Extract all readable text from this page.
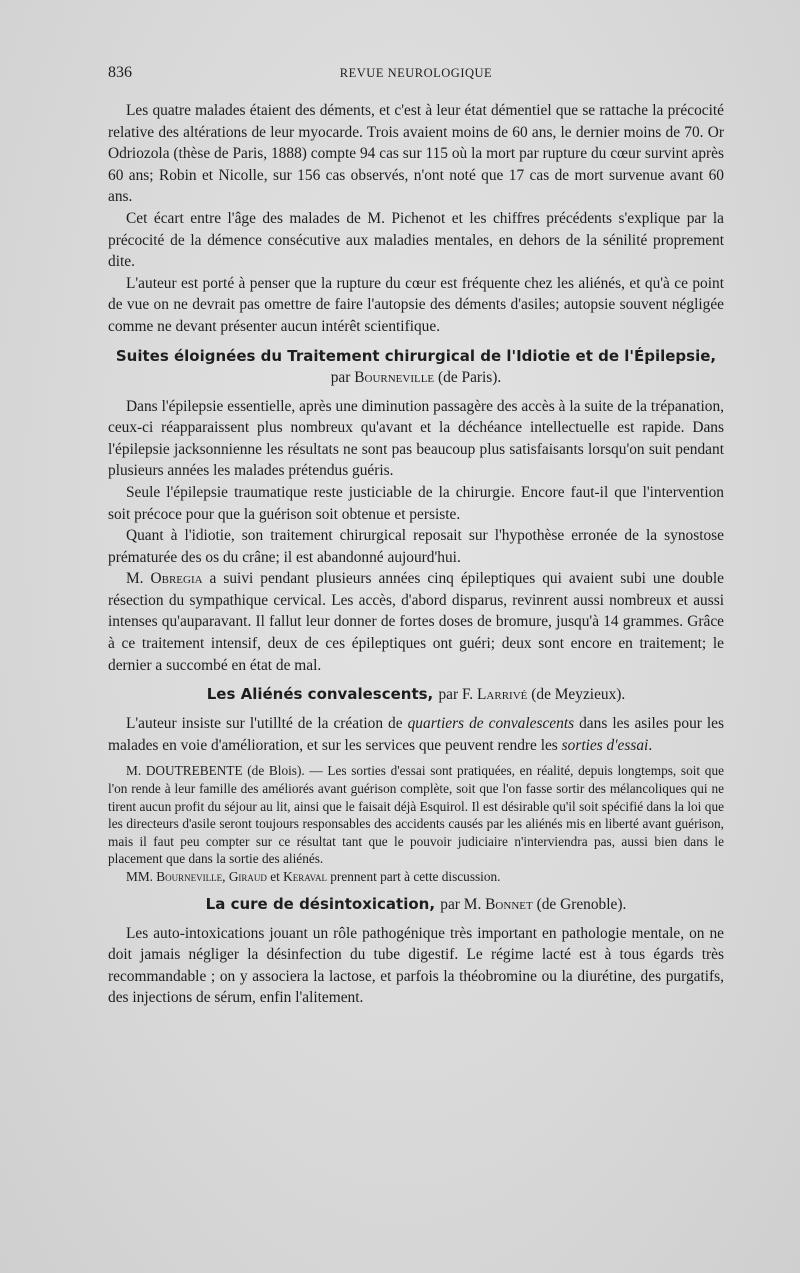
836	REVUE NEUROLOGIQUE

Les quatre malades étaient des déments, et c'est à leur état démentiel que se rattache la précocité relative des altérations de leur myocarde. Trois avaient moins de 60 ans, le dernier moins de 70. Or Odriozola (thèse de Paris, 1888) compte 94 cas sur 115 où la mort par rupture du cœur survint après 60 ans; Robin et Nicolle, sur 156 cas observés, n'ont noté que 17 cas de mort survenue avant 60 ans.

Cet écart entre l'âge des malades de M. Pichenot et les chiffres précédents s'explique par la précocité de la démence consécutive aux maladies mentales, en dehors de la sénilité proprement dite.

L'auteur est porté à penser que la rupture du cœur est fréquente chez les aliénés, et qu'à ce point de vue on ne devrait pas omettre de faire l'autopsie des déments d'asiles; autopsie souvent négligée comme ne devant présenter aucun intérêt scientifique.

Suites éloignées du Traitement chirurgical de l'Idiotie et de l'Épilepsie, par Bourneville (de Paris).

Dans l'épilepsie essentielle, après une diminution passagère des accès à la suite de la trépanation, ceux-ci réapparaissent plus nombreux qu'avant et la déchéance intellectuelle est rapide. Dans l'épilepsie jacksonnienne les résultats ne sont pas beaucoup plus satisfaisants lorsqu'on suit pendant plusieurs années les malades prétendus guéris.

Seule l'épilepsie traumatique reste justiciable de la chirurgie. Encore faut-il que l'intervention soit précoce pour que la guérison soit obtenue et persiste.

Quant à l'idiotie, son traitement chirurgical reposait sur l'hypothèse erronée de la synostose prématurée des os du crâne; il est abandonné aujourd'hui.

M. Obregia a suivi pendant plusieurs années cinq épileptiques qui avaient subi une double résection du sympathique cervical. Les accès, d'abord disparus, revinrent aussi nombreux et aussi intenses qu'auparavant. Il fallut leur donner de fortes doses de bromure, jusqu'à 14 grammes. Grâce à ce traitement intensif, deux de ces épileptiques ont guéri; deux sont encore en traitement; le dernier a succombé en état de mal.

Les Aliénés convalescents, par F. Larrivé (de Meyzieux).

L'auteur insiste sur l'utillté de la création de quartiers de convalescents dans les asiles pour les malades en voie d'amélioration, et sur les services que peuvent rendre les sorties d'essai.

M. DOUTREBENTE (de Blois). — Les sorties d'essai sont pratiquées, en réalité, depuis longtemps, soit que l'on rende à leur famille des améliorés avant guérison complète, soit que l'on fasse sortir des mélancoliques qui ne tirent aucun profit du séjour au lit, ainsi que le faisait déjà Esquirol. Il est désirable qu'il soit spécifié dans la loi que les directeurs d'asile seront toujours responsables des accidents causés par les aliénés mis en liberté avant guérison, mais il faut peu compter sur ce résultat tant que le pouvoir judiciaire n'interviendra pas, aussi bien dans le placement que dans la sortie des aliénés.

MM. Bourneville, Giraud et Keraval prennent part à cette discussion.

La cure de désintoxication, par M. Bonnet (de Grenoble).

Les auto-intoxications jouant un rôle pathogénique très important en pathologie mentale, on ne doit jamais négliger la désinfection du tube digestif. Le régime lacté est à tous égards très recommandable ; on y associera la lactose, et parfois la théobromine ou la diurétine, des purgatifs, des injections de sérum, enfin l'alitement.
